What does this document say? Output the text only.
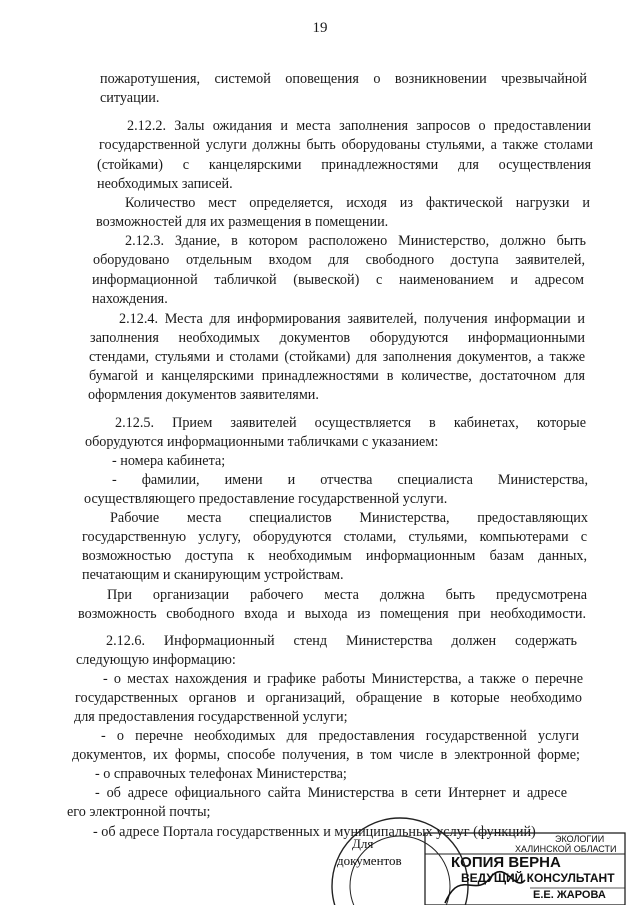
19
пожаротушения, системой оповещения о возникновении чрезвычайной
ситуации.
2.12.2. Залы ожидания и места заполнения запросов о предоставлении
государственной услуги должны быть оборудованы стульями, а также столами
(стойками) с канцелярскими принадлежностями для осуществления
необходимых записей.
Количество мест определяется, исходя из фактической нагрузки и
возможностей для их размещения в помещении.
2.12.3. Здание, в котором расположено Министерство, должно быть
оборудовано отдельным входом для свободного доступа заявителей,
информационной табличкой (вывеской) с наименованием и адресом
нахождения.
2.12.4. Места для информирования заявителей, получения информации и
заполнения необходимых документов оборудуются информационными
стендами, стульями и столами (стойками) для заполнения документов, а также
бумагой и канцелярскими принадлежностями в количестве, достаточном для
оформления документов заявителями.
2.12.5. Прием заявителей осуществляется в кабинетах, которые
оборудуются информационными табличками с указанием:
- номера кабинета;
- фамилии, имени и отчества специалиста Министерства,
осуществляющего предоставление государственной услуги.
Рабочие места специалистов Министерства, предоставляющих
государственную услугу, оборудуются столами, стульями, компьютерами с
возможностью доступа к необходимым информационным базам данных,
печатающим и сканирующим устройствам.
При организации рабочего места должна быть предусмотрена
возможность свободного входа и выхода из помещения при необходимости.
2.12.6. Информационный стенд Министерства должен содержать
следующую информацию:
- о местах нахождения и графике работы Министерства, а также о перечне
государственных органов и организаций, обращение в которые необходимо
для предоставления государственной услуги;
- о перечне необходимых для предоставления государственной услуги
документов, их формы, способе получения, в том числе в электронной форме;
- о справочных телефонах Министерства;
- об адресе официального сайта Министерства в сети Интернет и адресе
его электронной почты;
- об адресе Портала государственных и муниципальных услуг (функций)
Для
документов
ЭКОЛОГИИ
ХАЛИНСКОЙ ОБЛАСТИ
КОПИЯ ВЕРНА
ВЕДУЩИЙ КОНСУЛЬТАНТ
Е.Е. ЖАРОВА
